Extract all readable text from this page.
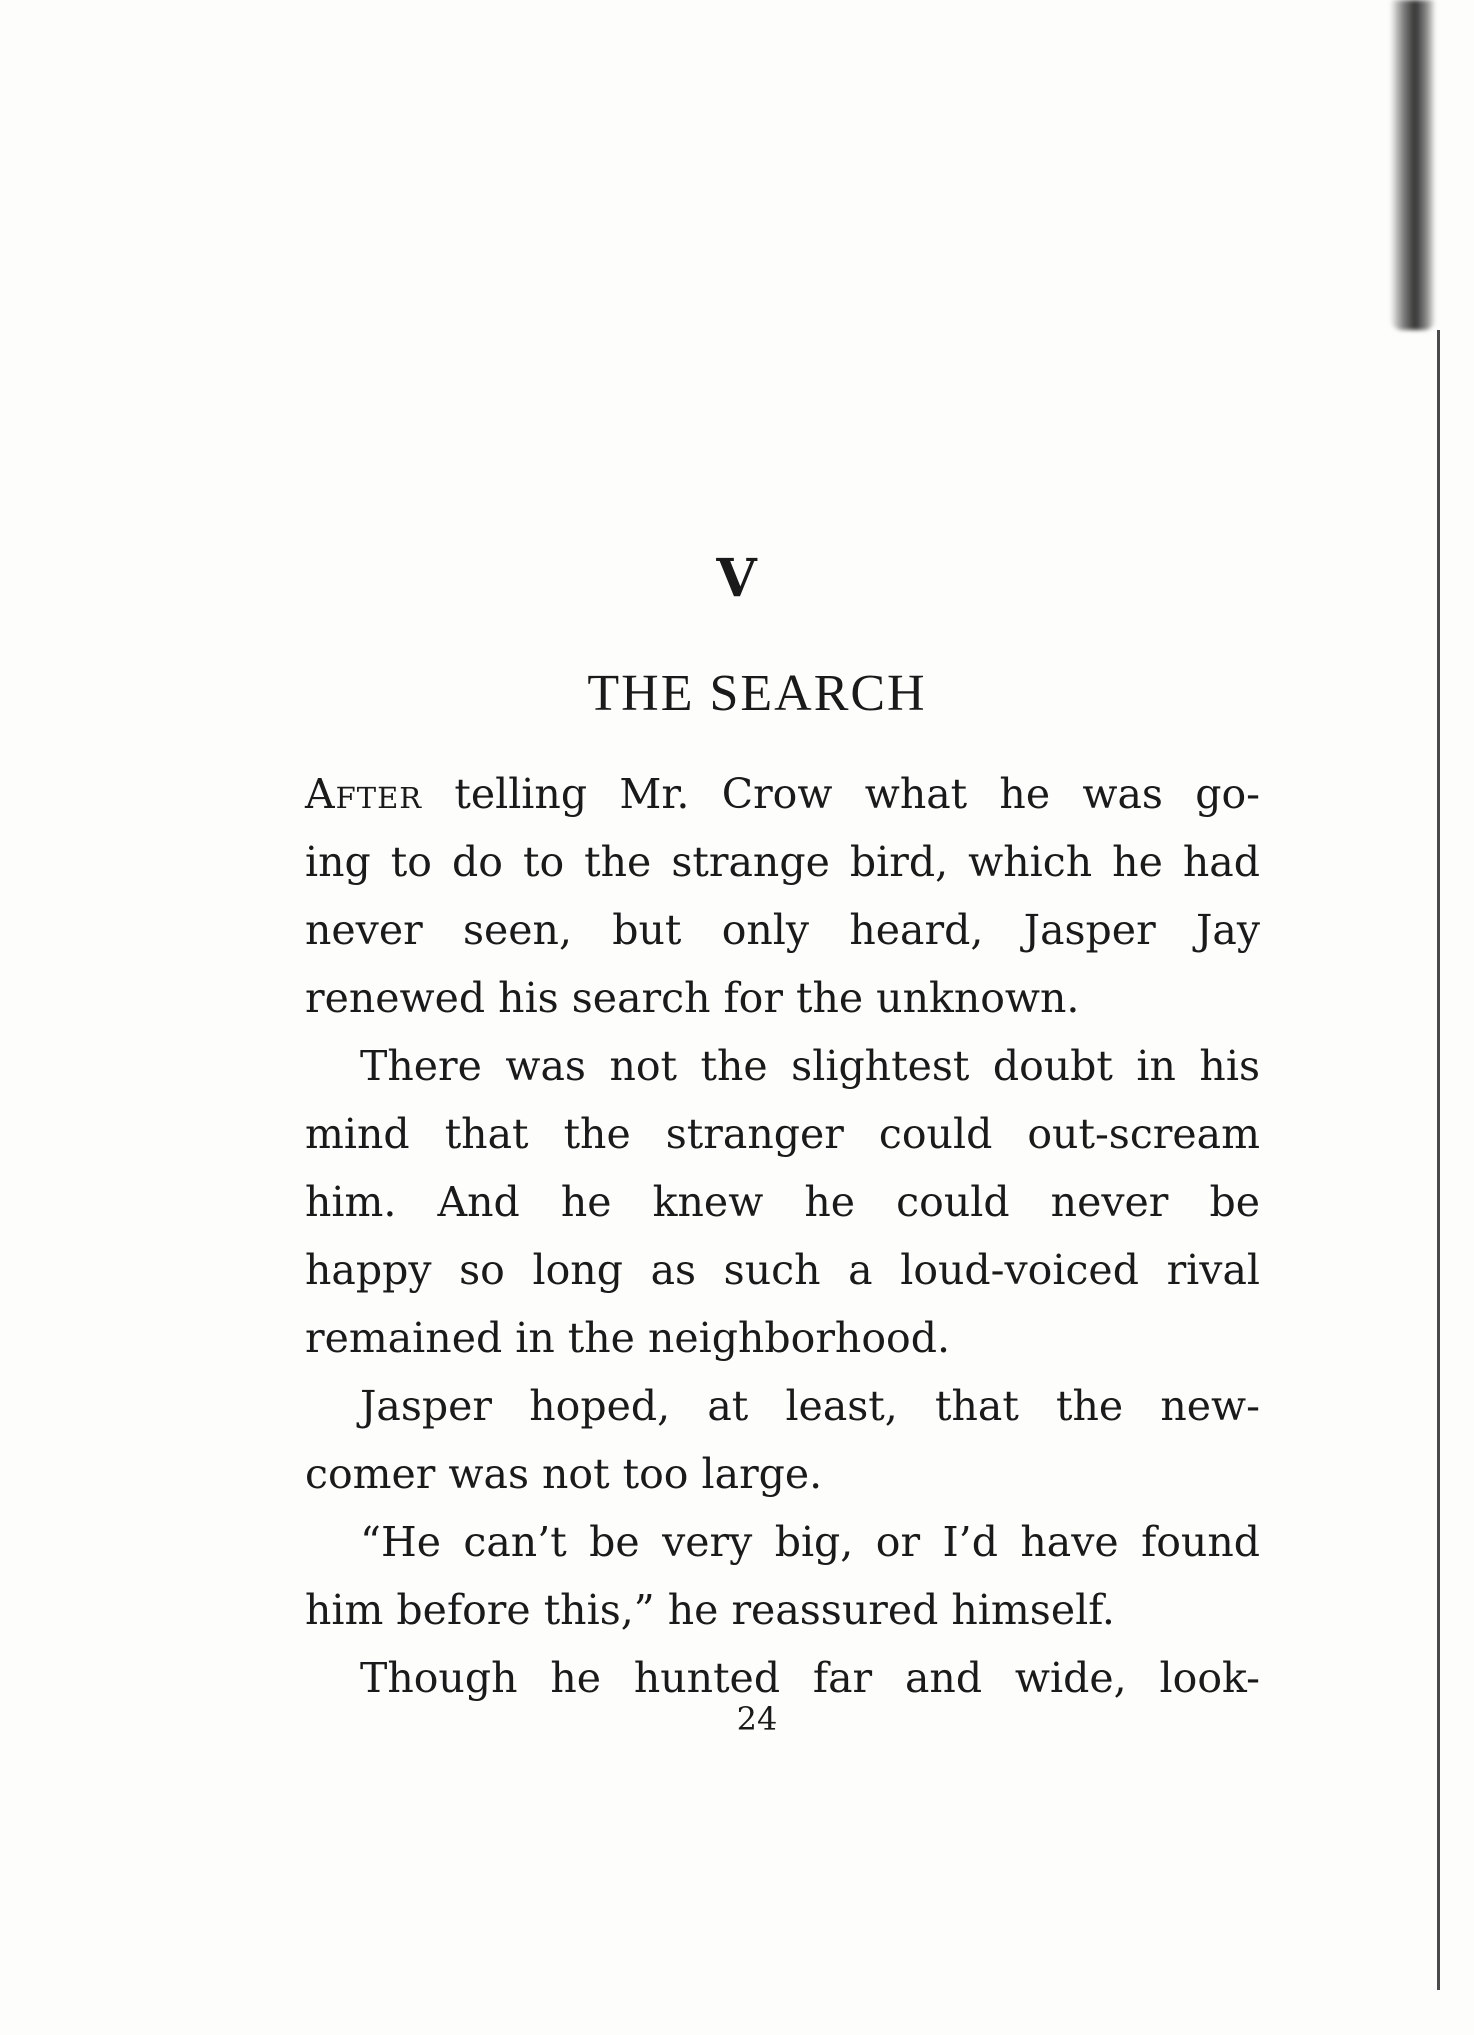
V
THE SEARCH
After telling Mr. Crow what he was go-
ing to do to the strange bird, which he had
never seen, but only heard, Jasper Jay
renewed his search for the unknown.
There was not the slightest doubt in his
mind that the stranger could out-scream
him. And he knew he could never be
happy so long as such a loud-voiced rival
remained in the neighborhood.
Jasper hoped, at least, that the new-
comer was not too large.
“He can’t be very big, or I’d have found
him before this,” he reassured himself.
Though he hunted far and wide, look-
24
